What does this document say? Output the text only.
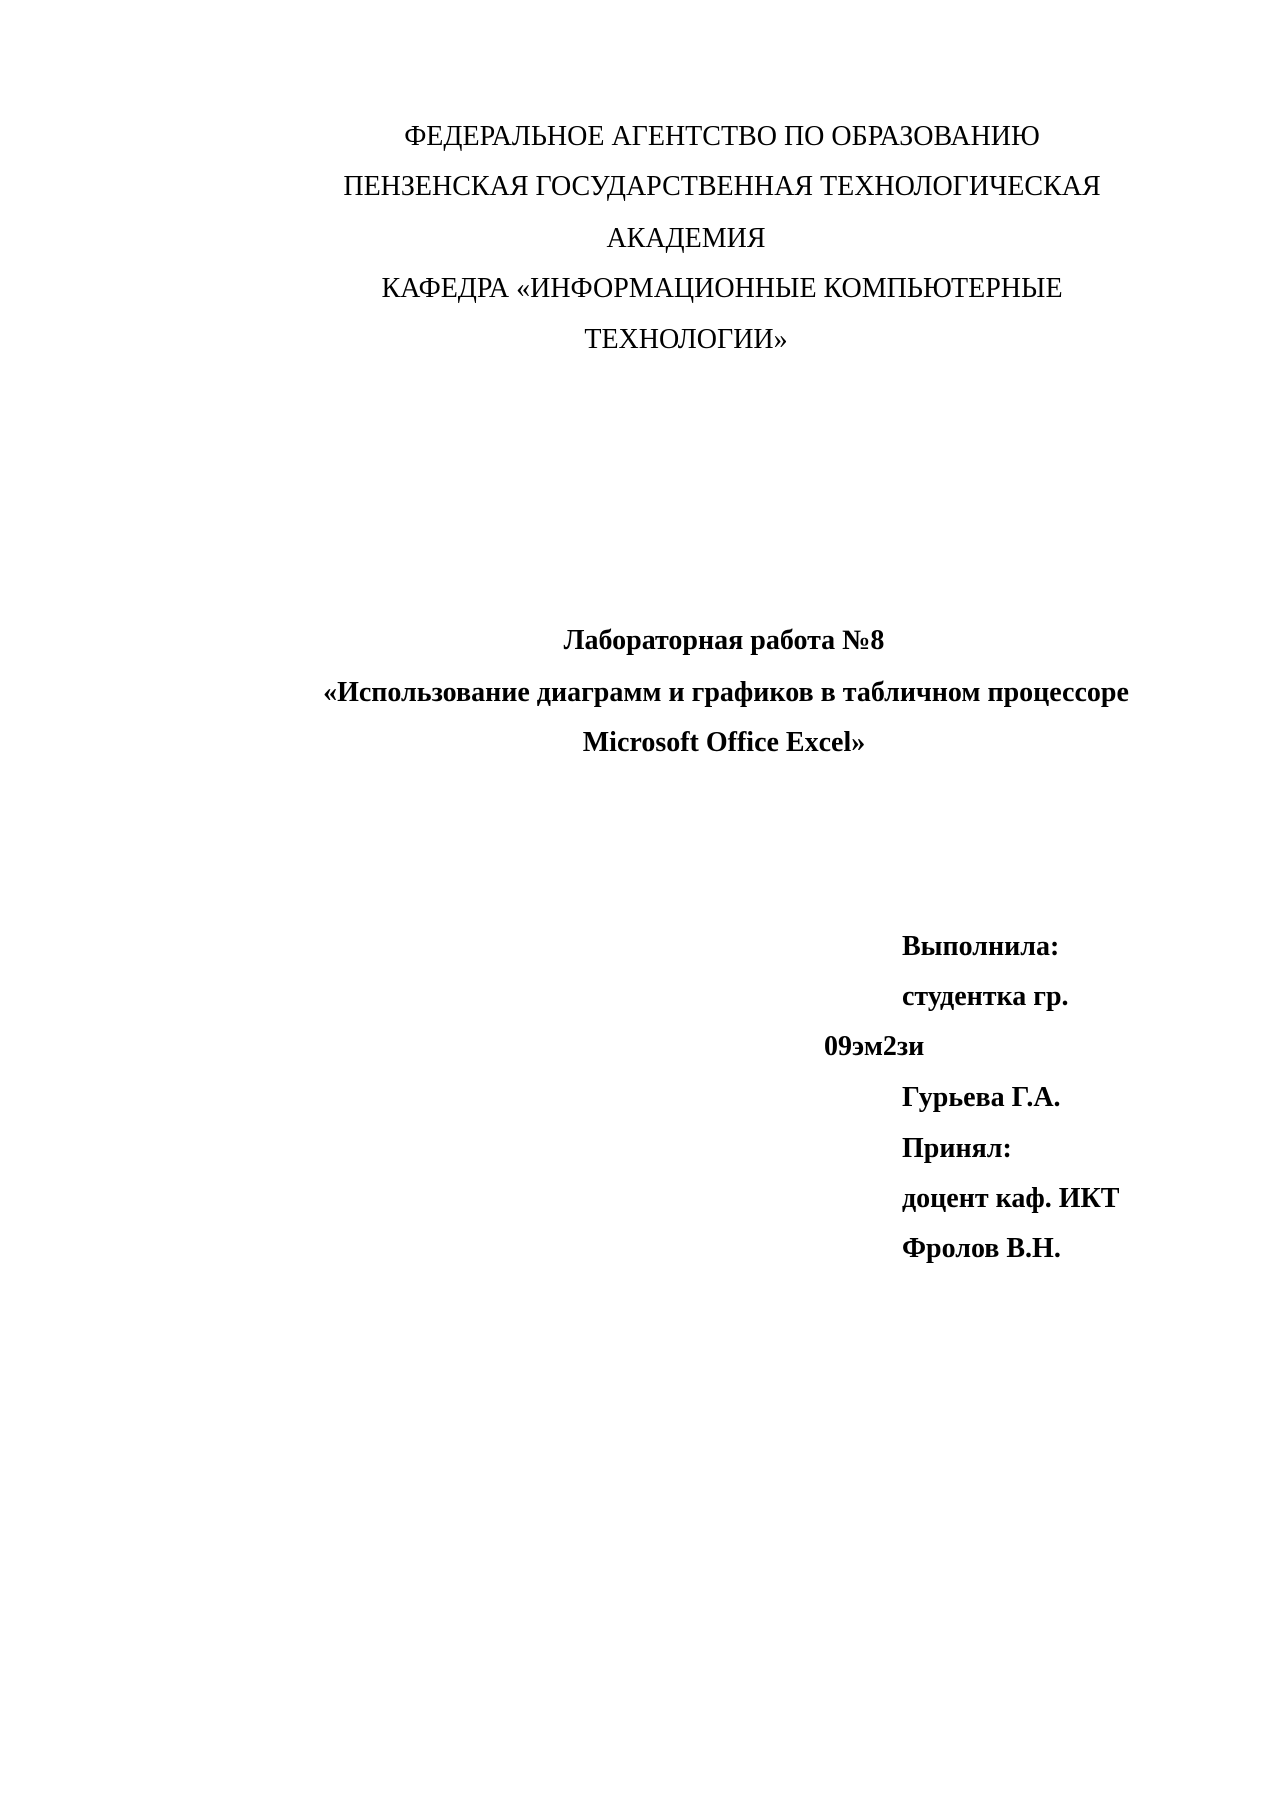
ФЕДЕРАЛЬНОЕ АГЕНТСТВО ПО ОБРАЗОВАНИЮ
ПЕНЗЕНСКАЯ ГОСУДАРСТВЕННАЯ ТЕХНОЛОГИЧЕСКАЯ
АКАДЕМИЯ
КАФЕДРА «ИНФОРМАЦИОННЫЕ КОМПЬЮТЕРНЫЕ
ТЕХНОЛОГИИ»
Лабораторная работа №8
«Использование диаграмм и графиков в табличном процессоре
Microsoft Office Excel»
Выполнила:
студентка гр.
09эм2зи
Гурьева Г.А.
Принял:
доцент каф. ИКТ
Фролов В.Н.
